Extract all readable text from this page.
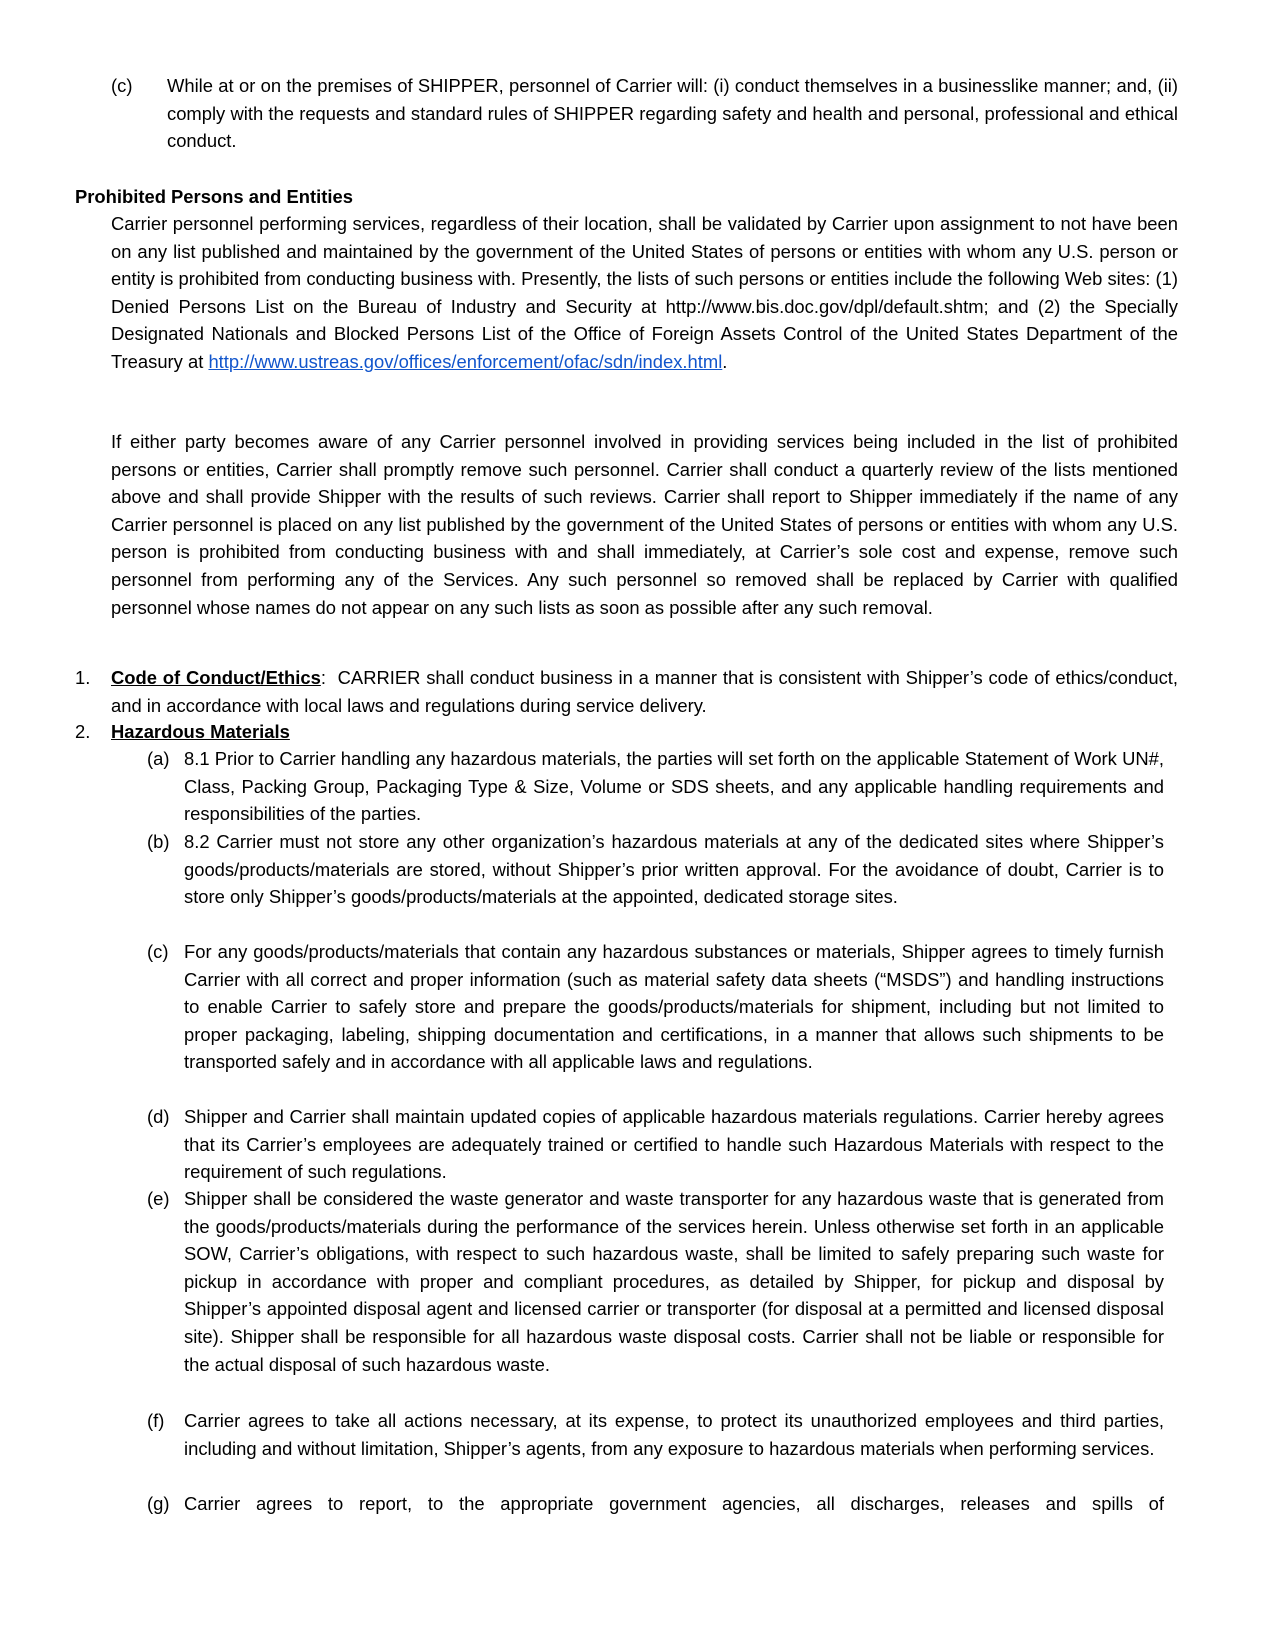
(c) While at or on the premises of SHIPPER, personnel of Carrier will: (i) conduct themselves in a businesslike manner; and, (ii) comply with the requests and standard rules of SHIPPER regarding safety and health and personal, professional and ethical conduct.

Prohibited Persons and Entities

Carrier personnel performing services, regardless of their location, shall be validated by Carrier upon assignment to not have been on any list published and maintained by the government of the United States of persons or entities with whom any U.S. person or entity is prohibited from conducting business with. Presently, the lists of such persons or entities include the following Web sites: (1) Denied Persons List on the Bureau of Industry and Security at http://www.bis.doc.gov/dpl/default.shtm; and (2) the Specially Designated Nationals and Blocked Persons List of the Office of Foreign Assets Control of the United States Department of the Treasury at http://www.ustreas.gov/offices/enforcement/ofac/sdn/index.html.

If either party becomes aware of any Carrier personnel involved in providing services being included in the list of prohibited persons or entities, Carrier shall promptly remove such personnel. Carrier shall conduct a quarterly review of the lists mentioned above and shall provide Shipper with the results of such reviews. Carrier shall report to Shipper immediately if the name of any Carrier personnel is placed on any list published by the government of the United States of persons or entities with whom any U.S. person is prohibited from conducting business with and shall immediately, at Carrier’s sole cost and expense, remove such personnel from performing any of the Services. Any such personnel so removed shall be replaced by Carrier with qualified personnel whose names do not appear on any such lists as soon as possible after any such removal.

1. Code of Conduct/Ethics: CARRIER shall conduct business in a manner that is consistent with Shipper’s code of ethics/conduct, and in accordance with local laws and regulations during service delivery.

2. Hazardous Materials
(a) 8.1 Prior to Carrier handling any hazardous materials, the parties will set forth on the applicable Statement of Work UN#, Class, Packing Group, Packaging Type & Size, Volume or SDS sheets, and any applicable handling requirements and responsibilities of the parties.

(b) 8.2 Carrier must not store any other organization’s hazardous materials at any of the dedicated sites where Shipper’s goods/products/materials are stored, without Shipper’s prior written approval. For the avoidance of doubt, Carrier is to store only Shipper’s goods/products/materials at the appointed, dedicated storage sites.

(c) For any goods/products/materials that contain any hazardous substances or materials, Shipper agrees to timely furnish Carrier with all correct and proper information (such as material safety data sheets (“MSDS”) and handling instructions to enable Carrier to safely store and prepare the goods/products/materials for shipment, including but not limited to proper packaging, labeling, shipping documentation and certifications, in a manner that allows such shipments to be transported safely and in accordance with all applicable laws and regulations.

(d) Shipper and Carrier shall maintain updated copies of applicable hazardous materials regulations. Carrier hereby agrees that its Carrier’s employees are adequately trained or certified to handle such Hazardous Materials with respect to the requirement of such regulations.

(e) Shipper shall be considered the waste generator and waste transporter for any hazardous waste that is generated from the goods/products/materials during the performance of the services herein. Unless otherwise set forth in an applicable SOW, Carrier’s obligations, with respect to such hazardous waste, shall be limited to safely preparing such waste for pickup in accordance with proper and compliant procedures, as detailed by Shipper, for pickup and disposal by Shipper’s appointed disposal agent and licensed carrier or transporter (for disposal at a permitted and licensed disposal site). Shipper shall be responsible for all hazardous waste disposal costs. Carrier shall not be liable or responsible for the actual disposal of such hazardous waste.

(f) Carrier agrees to take all actions necessary, at its expense, to protect its unauthorized employees and third parties, including and without limitation, Shipper’s agents, from any exposure to hazardous materials when performing services.

(g) Carrier agrees to report, to the appropriate government agencies, all discharges, releases and spills of
